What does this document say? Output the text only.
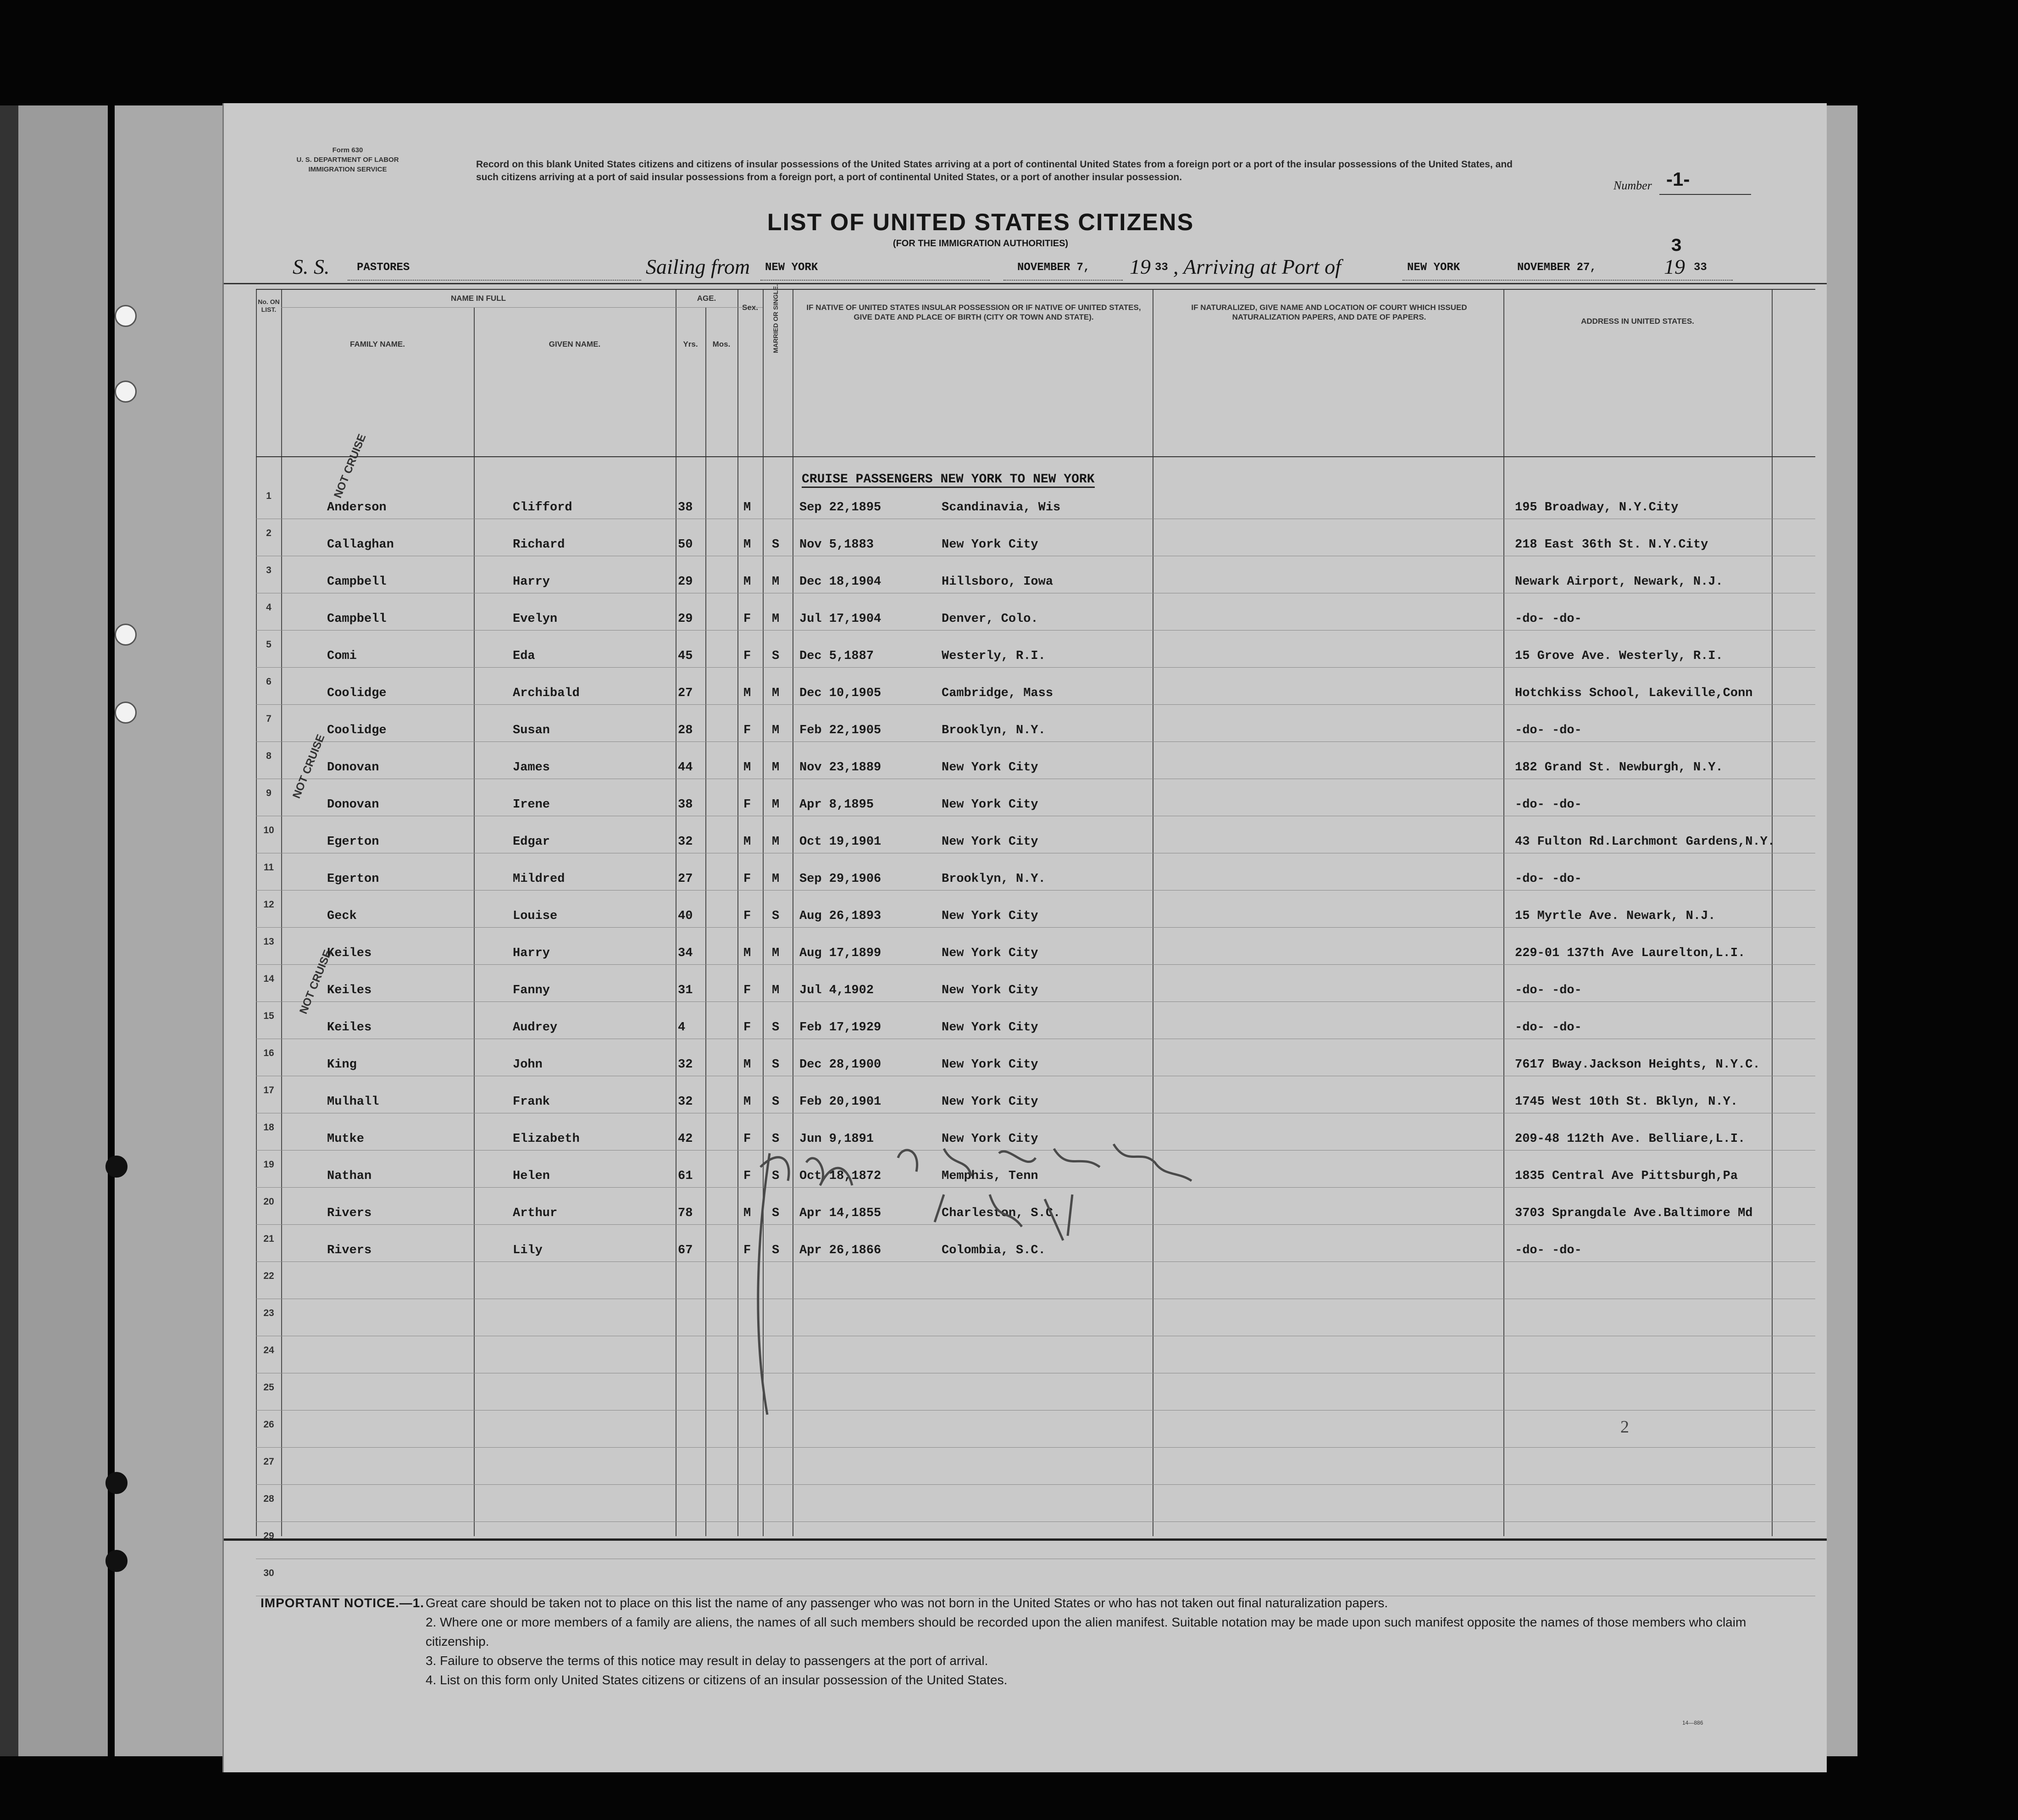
Form 630
U. S. DEPARTMENT OF LABOR
IMMIGRATION SERVICE	Record on this blank United States citizens and citizens of insular possessions of the United States arriving at a port of continental United States from a foreign port or a port of the insular possessions of the United States, and such citizens arriving at a port of said insular possessions from a foreign port, a port of continental United States, or a port of another insular possession.
Number -1-
LIST OF UNITED STATES CITIZENS
(FOR THE IMMIGRATION AUTHORITIES)
S. S. PASTORES	Sailing from NEW YORK	NOVEMBER 7, 19 33 , Arriving at Port of	NEW YORK	NOVEMBER 27,	19 33
3
No. ON LIST.
NAME IN FULL
FAMILY NAME.	GIVEN NAME.
AGE.
Yrs.	Mos.
Sex.	MARRIED OR SINGLE.	IF NATIVE OF UNITED STATES INSULAR POSSESSION OR IF NATIVE OF UNITED STATES, GIVE DATE AND PLACE OF BIRTH (CITY OR TOWN AND STATE).
IF NATURALIZED, GIVE NAME AND LOCATION OF COURT WHICH ISSUED NATURALIZATION PAPERS, AND DATE OF PAPERS.	ADDRESS IN UNITED STATES.
CRUISE PASSENGERS NEW YORK TO NEW YORK
1
Anderson	Clifford	38	M	Sep 22,1895	Scandinavia, Wis	195 Broadway, N.Y.City
2
Callaghan	Richard	50	M S Nov 5,1883	New York City	218 East 36th St. N.Y.City
3
Campbell	Harry	29	M M Dec 18,1904	Hillsboro, Iowa	Newark Airport, Newark, N.J.
4
Campbell	Evelyn	29	F M Jul 17,1904	Denver, Colo.	-do- -do-
5
Comi	Eda	45	F S Dec 5,1887	Westerly, R.I.	15 Grove Ave. Westerly, R.I.
6
Coolidge	Archibald	27	M M Dec 10,1905	Cambridge, Mass	Hotchkiss School, Lakeville,Conn
7
Coolidge	Susan	28	F M Feb 22,1905	Brooklyn, N.Y.	-do- -do-
8
Donovan	James	44	M M Nov 23,1889	New York City	182 Grand St. Newburgh, N.Y.
9
Donovan	Irene	38	F M Apr 8,1895	New York City	-do- -do-
10
Egerton	Edgar	32	M M Oct 19,1901	New York City	43 Fulton Rd.Larchmont Gardens,N.Y.
11
Egerton	Mildred	27	F M Sep 29,1906	Brooklyn, N.Y.	-do- -do-
12
Geck	Louise	40	F S Aug 26,1893	New York City	15 Myrtle Ave. Newark, N.J.
13
Keiles	Harry	34	M M Aug 17,1899	New York City	229-01 137th Ave Laurelton,L.I.
14
Keiles	Fanny	31	F M Jul 4,1902	New York City	-do- -do-
15
Keiles	Audrey	4	F S Feb 17,1929	New York City	-do- -do-
16
King	John	32	M S Dec 28,1900	New York City	7617 Bway.Jackson Heights, N.Y.C.
17
Mulhall	Frank	32	M S Feb 20,1901	New York City	1745 West 10th St. Bklyn, N.Y.
18
Mutke	Elizabeth	42	F S Jun 9,1891	New York City	209-48 112th Ave. Belliare,L.I.
19
Nathan	Helen	61	F S Oct 18,1872	Memphis, Tenn	1835 Central Ave Pittsburgh,Pa
20
Rivers	Arthur	78	M S Apr 14,1855	Charleston, S.C.	3703 Sprangdale Ave.Baltimore Md
21
Rivers	Lily	67	F S Apr 26,1866	Colombia, S.C.	-do- -do-
22
23
24
25
26
27
28
29
30
NOT CRUISE
NOT CRUISE
NOT CRUISE
2
IMPORTANT NOTICE.—1. Great care should be taken not to place on this list the name of any passenger who was not born in the United States or who has not taken out final naturalization papers.
2. Where one or more members of a family are aliens, the names of all such members should be recorded upon the alien manifest. Suitable notation may be made upon such manifest opposite the names of those members who claim citizenship.
3. Failure to observe the terms of this notice may result in delay to passengers at the port of arrival.
4. List on this form only United States citizens or citizens of an insular possession of the United States.
14—886
